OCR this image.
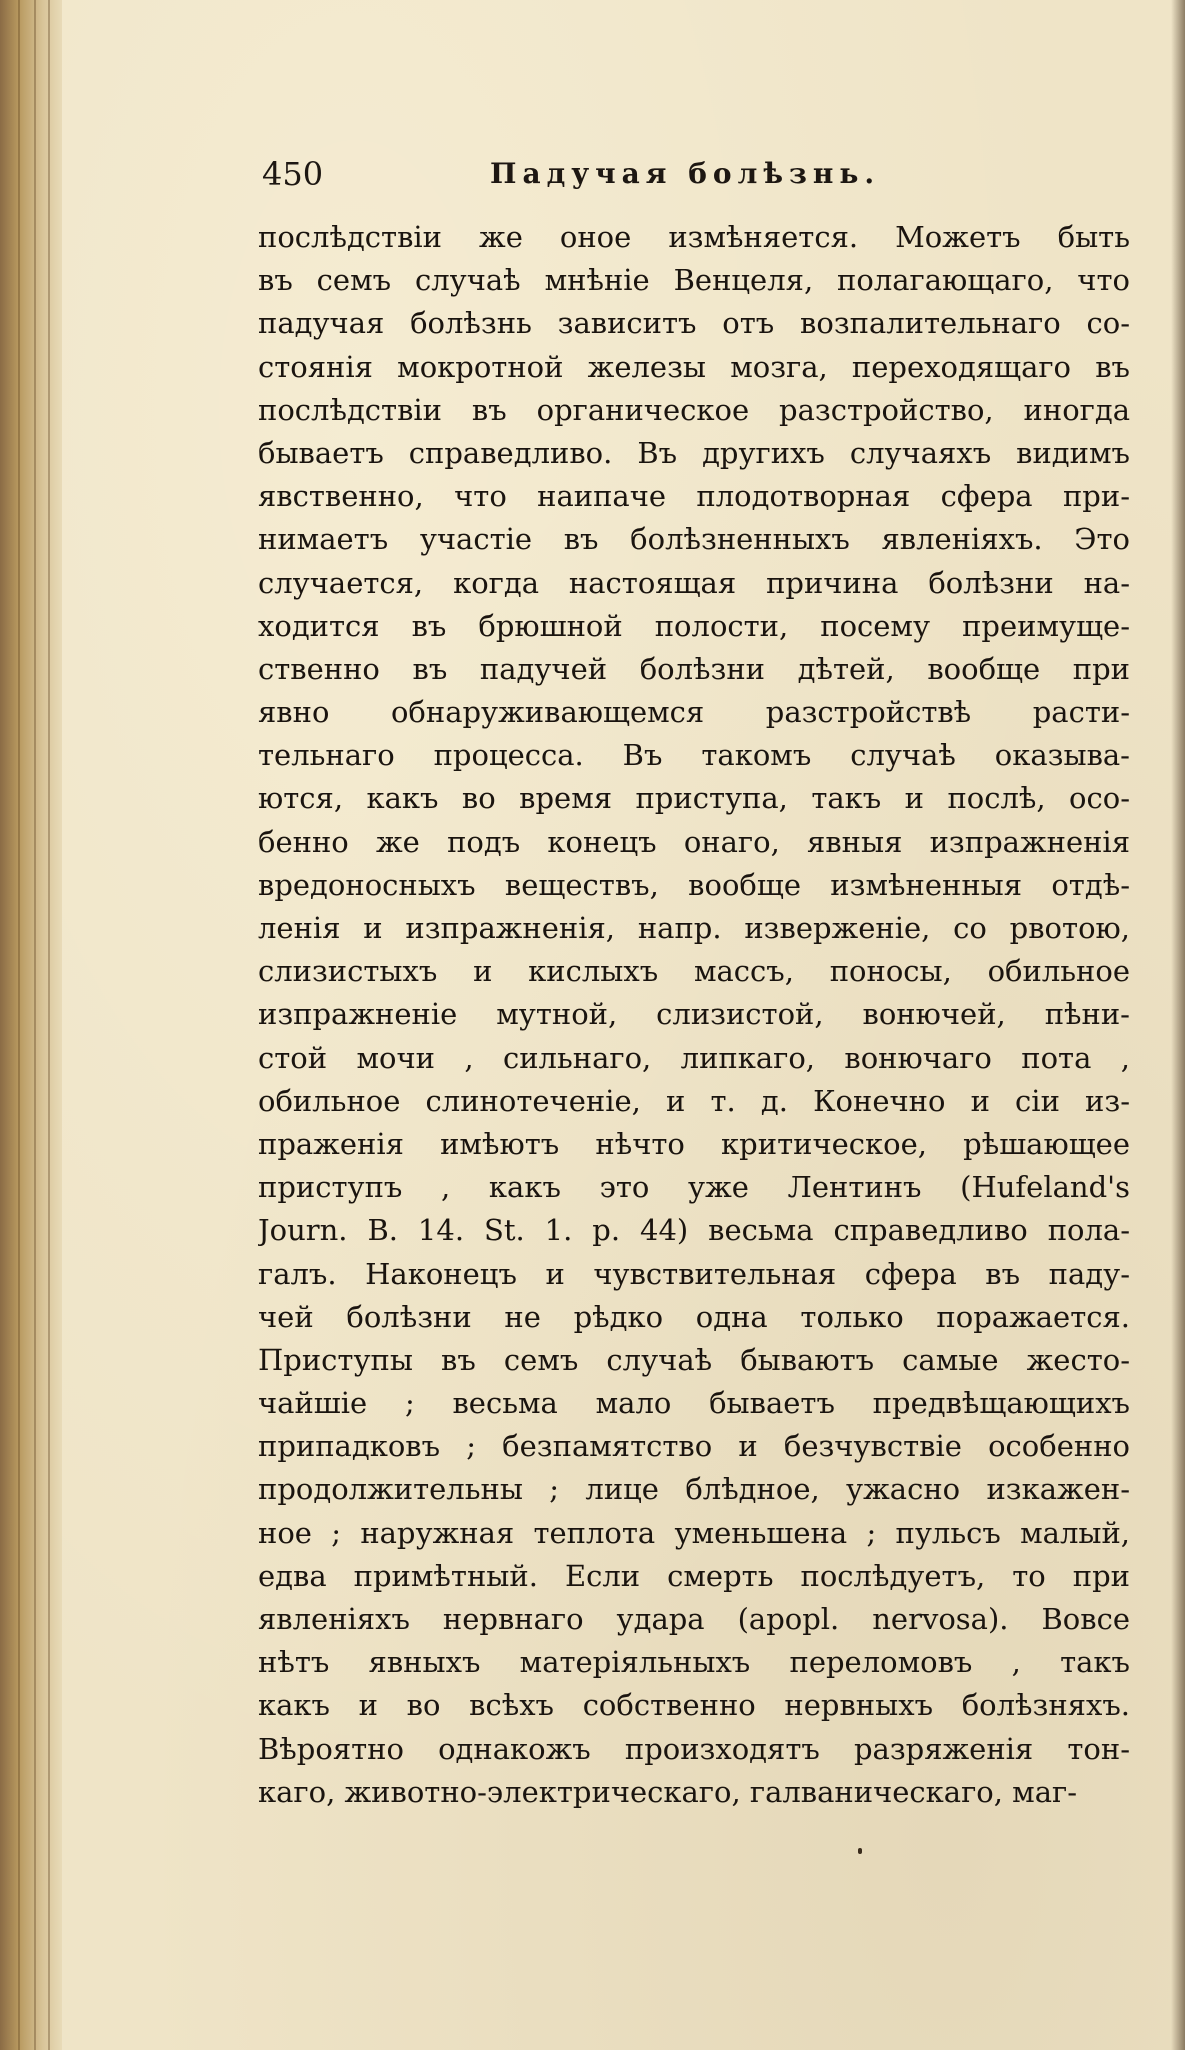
450	Падучая болѣзнь.
послѣдствіи же оное измѣняется. Можетъ быть
въ семъ случаѣ мнѣніе Венцеля, полагающаго, что
падучая болѣзнь зависитъ отъ возпалительнаго со-
стоянія мокротной железы мозга, переходящаго въ
послѣдствіи въ органическое разстройство, иногда
бываетъ справедливо. Въ другихъ случаяхъ видимъ
явственно, что наипаче плодотворная сфера при-
нимаетъ участіе въ болѣзненныхъ явленіяхъ. Это
случается, когда настоящая причина болѣзни на-
ходится въ брюшной полости, посему преимуще-
ственно въ падучей болѣзни дѣтей, вообще при
явно обнаруживающемся разстройствѣ расти-
тельнаго процесса. Въ такомъ случаѣ оказыва-
ются, какъ во время приступа, такъ и послѣ, осо-
бенно же подъ конецъ онаго, явныя изпражненія
вредоносныхъ веществъ, вообще измѣненныя отдѣ-
ленія и изпражненія, напр. изверженіе, со рвотою,
слизистыхъ и кислыхъ массъ, поносы, обильное
изпражненіе мутной, слизистой, вонючей, пѣни-
стой мочи , сильнаго, липкаго, вонючаго пота ,
обильное слинотеченіе, и т. д. Конечно и сіи из-
праженія имѣютъ нѣчто критическое, рѣшающее
приступъ , какъ это уже Лентинъ (Hufeland's
Journ. B. 14. St. 1. p. 44) весьма справедливо пола-
галъ. Наконецъ и чувствительная сфера въ паду-
чей болѣзни не рѣдко одна только поражается.
Приступы въ семъ случаѣ бываютъ самые жесто-
чайшіе ; весьма мало бываетъ предвѣщающихъ
припадковъ ; безпамятство и безчувствіе особенно
продолжительны ; лице блѣдное, ужасно изкажен-
ное ; наружная теплота уменьшена ; пульсъ малый,
едва примѣтный. Если смерть послѣдуетъ, то при
явленіяхъ нервнаго удара (apopl. nervosa). Вовсе
нѣтъ явныхъ матеріяльныхъ переломовъ , такъ
какъ и во всѣхъ собственно нервныхъ болѣзняхъ.
Вѣроятно однакожъ произходятъ разряженія тон-
каго, животно-электрическаго, галваническаго, маг-
